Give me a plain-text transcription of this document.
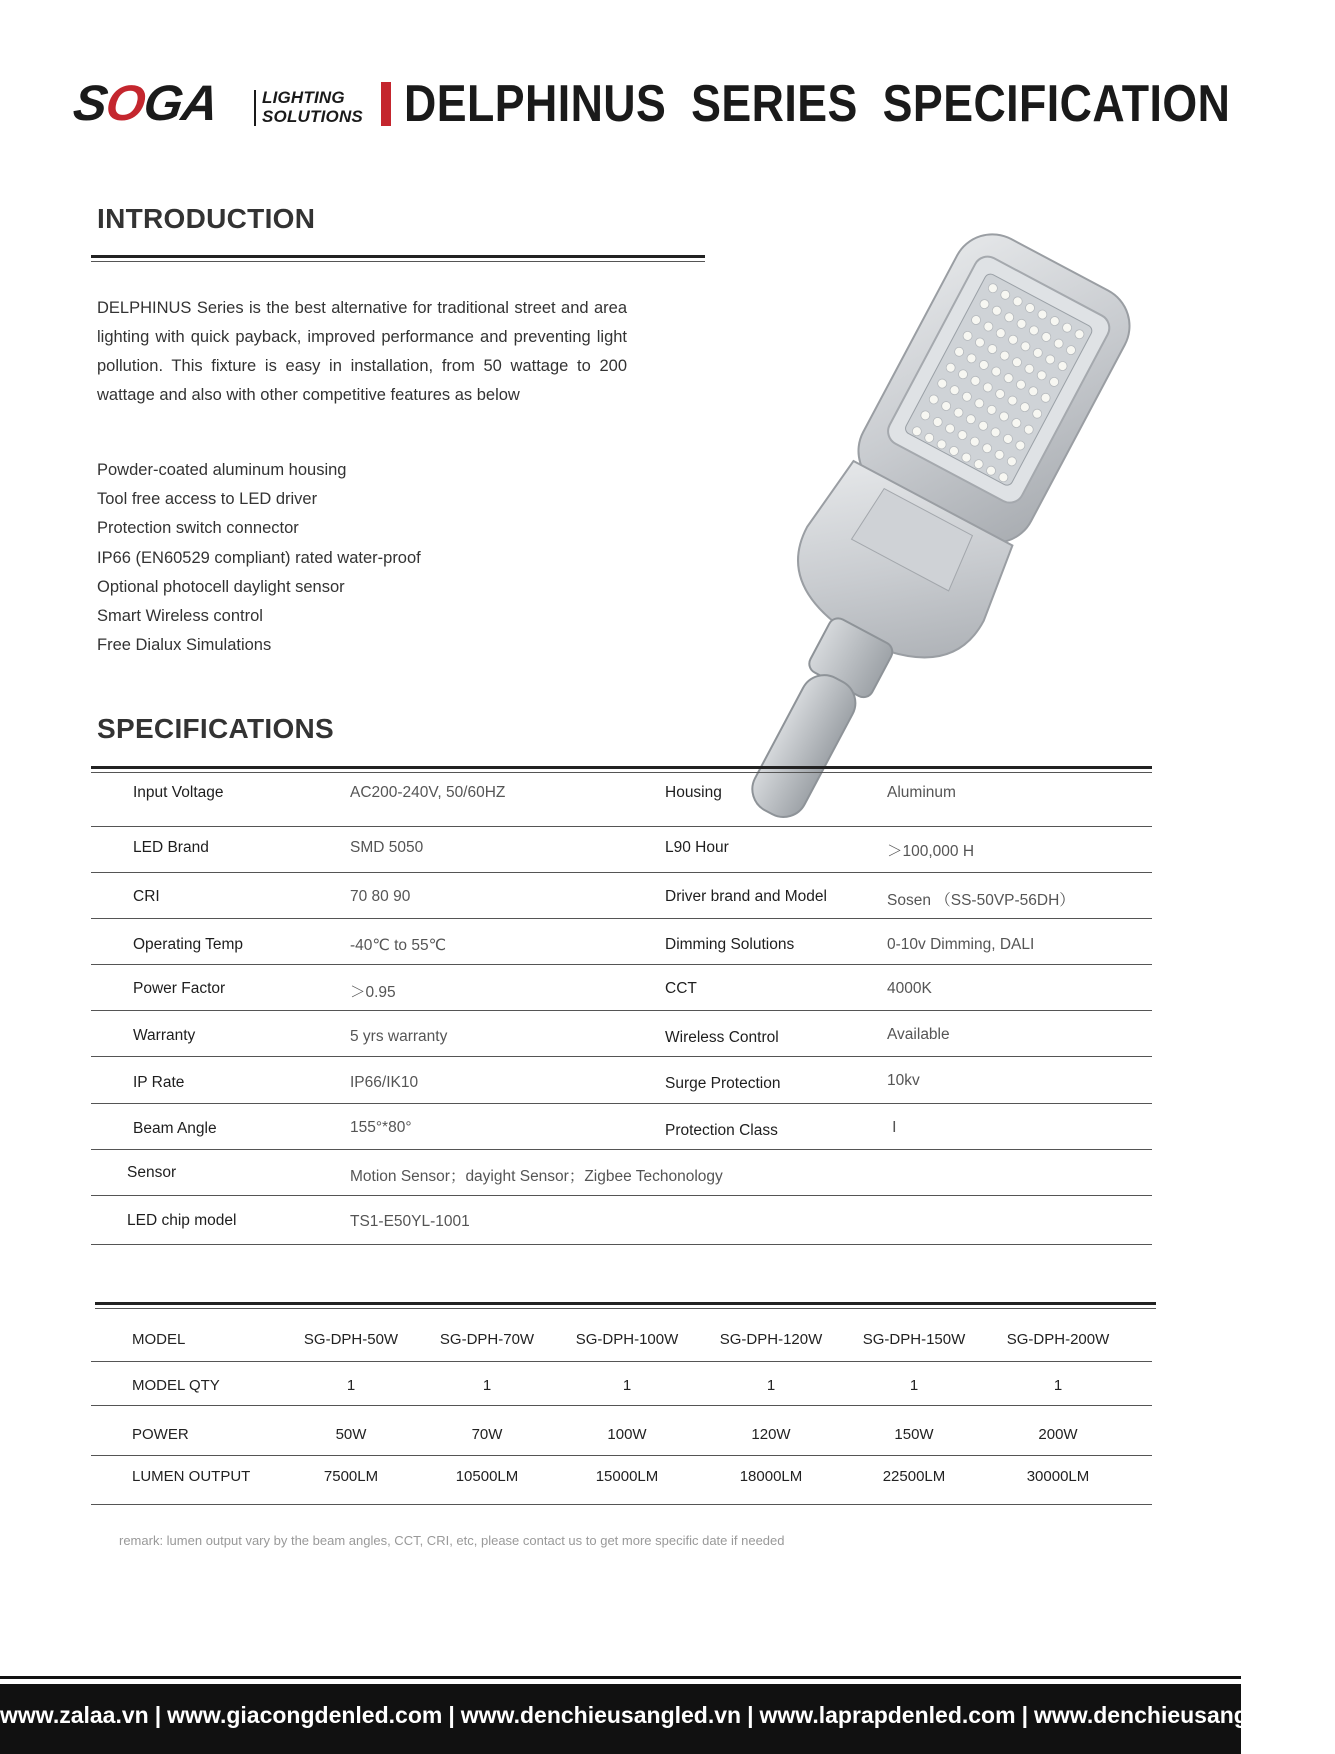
SOGA LIGHTING
SOLUTIONS DELPHINUS SERIES SPECIFICATION
INTRODUCTION
DELPHINUS Series is the best alternative for traditional street and area lighting with quick payback, improved performance and preventing light pollution. This fixture is easy in installation, from 50 wattage to 200 wattage and also with other competitive features as below
Powder-coated aluminum housing
Tool free access to LED driver
Protection switch connector
IP66 (EN60529 compliant) rated water-proof
Optional photocell daylight sensor
Smart Wireless control
Free Dialux Simulations
SPECIFICATIONS
Input Voltage	AC200-240V, 50/60HZ	Housing	Aluminum
LED Brand	SMD 5050	L90 Hour	＞100,000 H
CRI	70 80 90	Driver brand and Model	Sosen （SS-50VP-56DH）
Operating Temp	-40℃ to 55℃	Dimming Solutions	0-10v Dimming, DALI
Power Factor	＞0.95	CCT	4000K
Warranty	5 yrs warranty	Wireless Control	Available
IP Rate	IP66/IK10	Surge Protection	10kv
Beam Angle	155°*80°	Protection Class	Ⅰ
Sensor	Motion Sensor；dayight Sensor；Zigbee Techonology
LED chip model	TS1-E50YL-1001
MODEL	SG-DPH-50W	SG-DPH-70W	SG-DPH-100W	SG-DPH-120W	SG-DPH-150W	SG-DPH-200W
MODEL QTY	1	1	1	1	1	1
POWER	50W	70W	100W	120W	150W	200W
LUMEN OUTPUT	7500LM	10500LM	15000LM	18000LM	22500LM	30000LM
remark: lumen output vary by the beam angles, CCT, CRI, etc, please contact us to get more specific date if needed
www.zalaa.vn | www.giacongdenled.com | www.denchieusangled.vn | www.laprapdenled.com | www.denchieusangled.com
